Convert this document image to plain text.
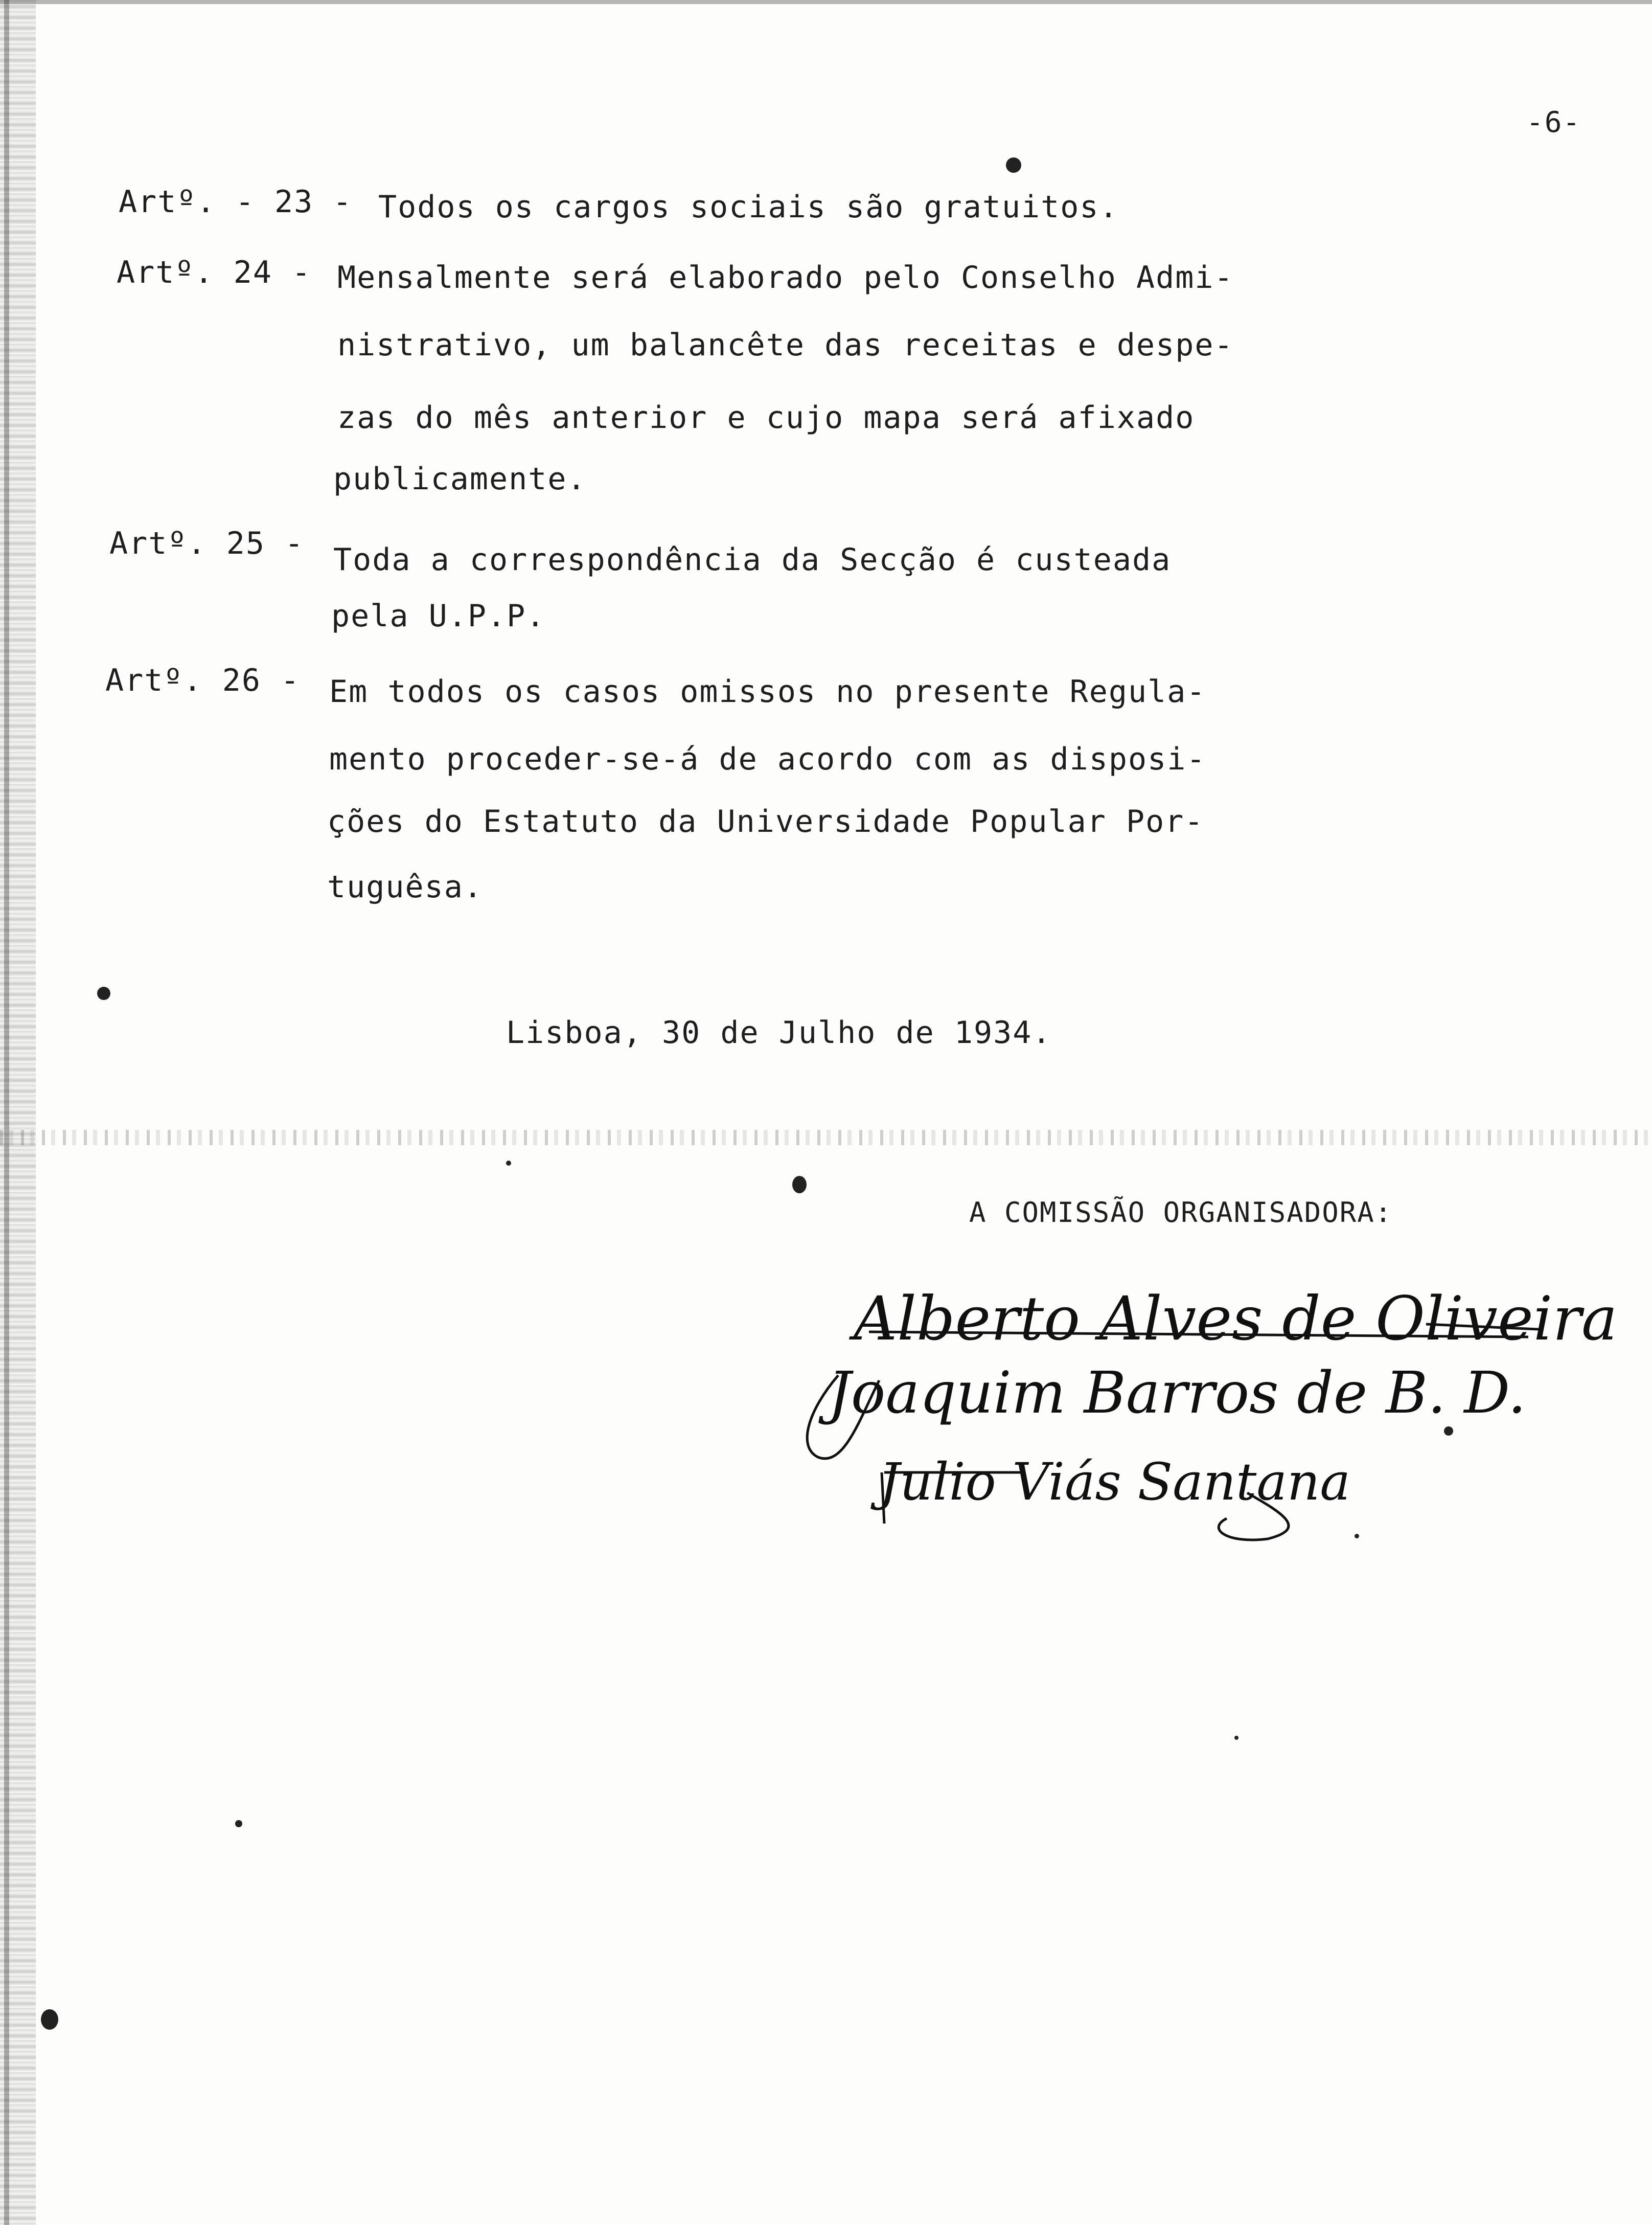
-6-
Artº. - 23 - Todos os cargos sociais são gratuitos.
Artº. 24 - Mensalmente será elaborado pelo Conselho Admi-
nistrativo, um balancête das receitas e despe-
zas do mês anterior e cujo mapa será afixado
publicamente.
Artº. 25 - Toda a correspondência da Secção é custeada
pela U.P.P.
Artº. 26 - Em todos os casos omissos no presente Regula-
mento proceder-se-á de acordo com as disposi-
ções do Estatuto da Universidade Popular Por-
tuguêsa.
Lisboa, 30 de Julho de 1934.
A COMISSÃO ORGANISADORA:
Alberto Alves de Oliveira
Joaquim Barros de B. D.
Julio Viás Santana
